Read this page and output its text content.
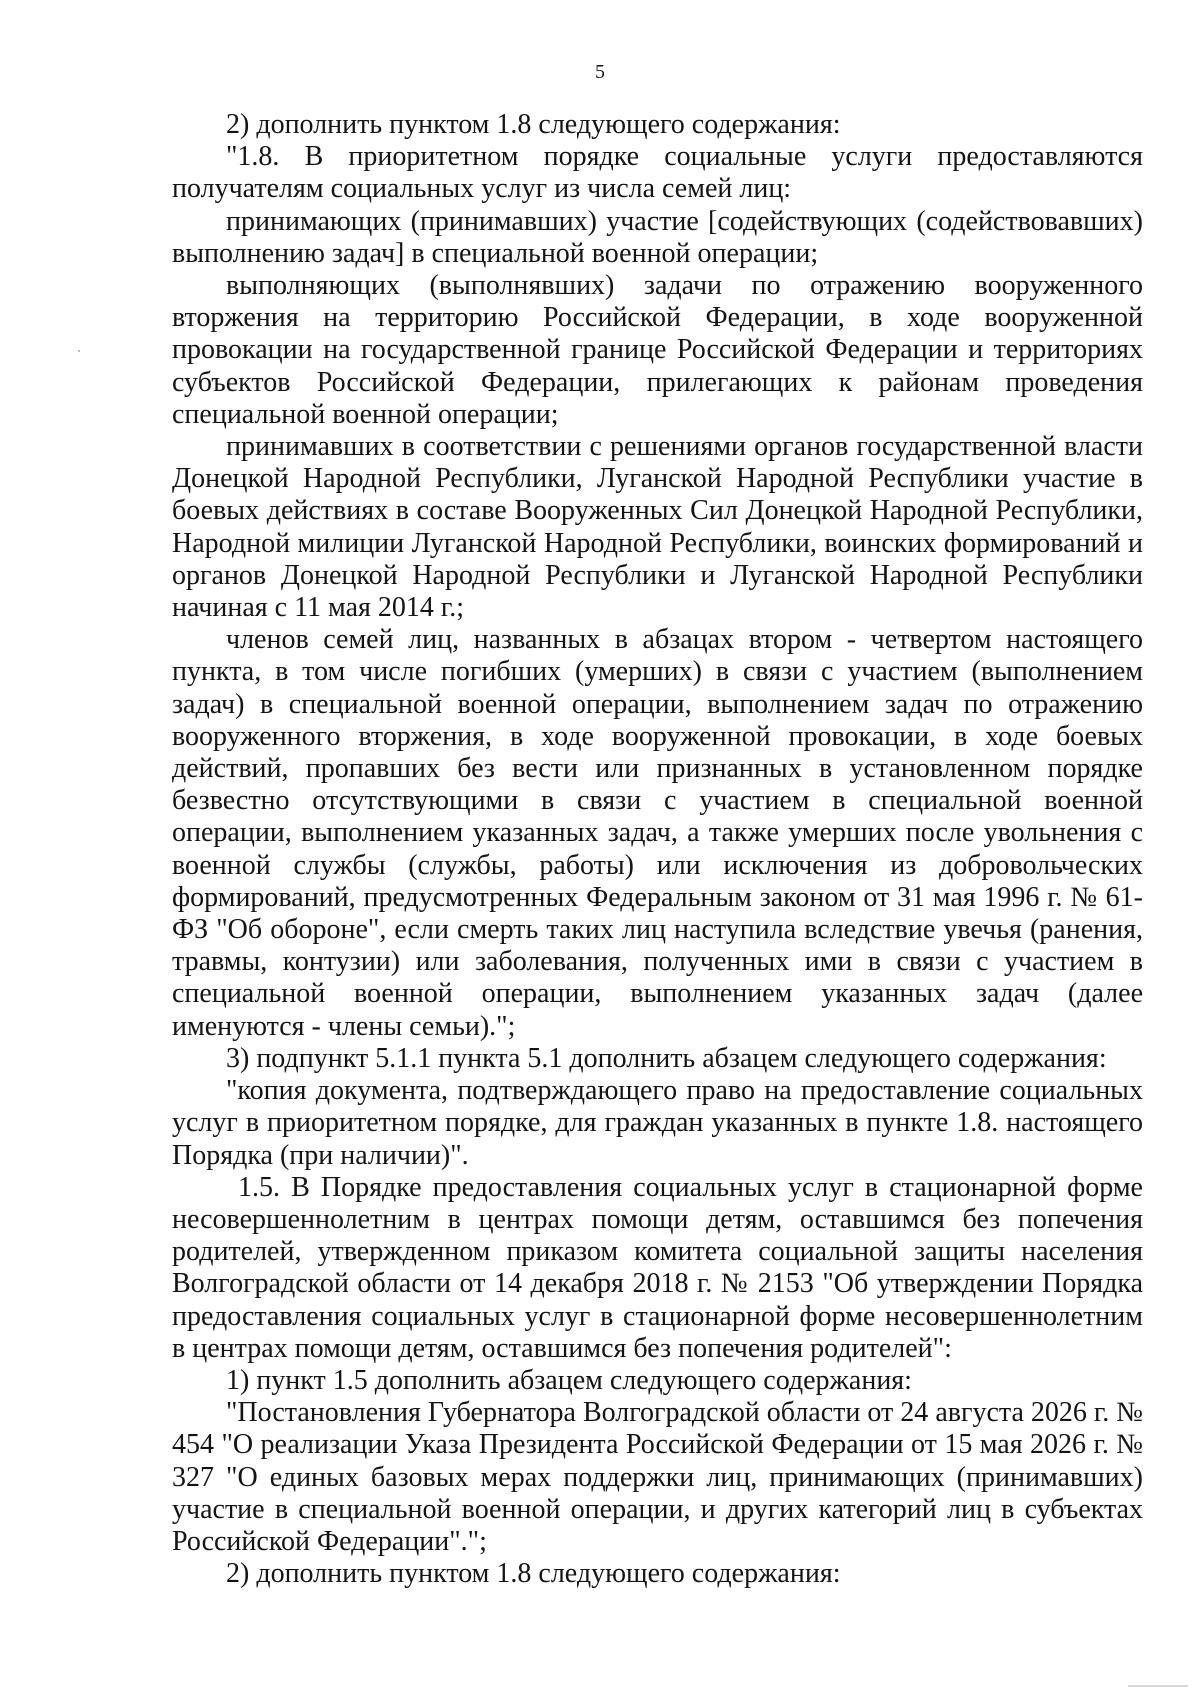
5

2) дополнить пунктом 1.8 следующего содержания:

"1.8. В приоритетном порядке социальные услуги предоставляются получателям социальных услуг из числа семей лиц:

принимающих (принимавших) участие [содействующих (содействовавших) выполнению задач] в специальной военной операции;

выполняющих (выполнявших) задачи по отражению вооруженного вторжения на территорию Российской Федерации, в ходе вооруженной провокации на государственной границе Российской Федерации и территориях субъектов Российской Федерации, прилегающих к районам проведения специальной военной операции;

принимавших в соответствии с решениями органов государственной власти Донецкой Народной Республики, Луганской Народной Республики участие в боевых действиях в составе Вооруженных Сил Донецкой Народной Республики, Народной милиции Луганской Народной Республики, воинских формирований и органов Донецкой Народной Республики и Луганской Народной Республики начиная с 11 мая 2014 г.;

членов семей лиц, названных в абзацах втором - четвертом настоящего пункта, в том числе погибших (умерших) в связи с участием (выполнением задач) в специальной военной операции, выполнением задач по отражению вооруженного вторжения, в ходе вооруженной провокации, в ходе боевых действий, пропавших без вести или признанных в установленном порядке безвестно отсутствующими в связи с участием в специальной военной операции, выполнением указанных задач, а также умерших после увольнения с военной службы (службы, работы) или исключения из добровольческих формирований, предусмотренных Федеральным законом от 31 мая 1996 г. № 61-ФЗ "Об обороне", если смерть таких лиц наступила вследствие увечья (ранения, травмы, контузии) или заболевания, полученных ими в связи с участием в специальной военной операции, выполнением указанных задач (далее именуются - члены семьи).";

3) подпункт 5.1.1 пункта 5.1 дополнить абзацем следующего содержания:

"копия документа, подтверждающего право на предоставление социальных услуг в приоритетном порядке, для граждан указанных в пункте 1.8. настоящего Порядка (при наличии)".

1.5. В Порядке предоставления социальных услуг в стационарной форме несовершеннолетним в центрах помощи детям, оставшимся без попечения родителей, утвержденном приказом комитета социальной защиты населения Волгоградской области от 14 декабря 2018 г. № 2153 "Об утверждении Порядка предоставления социальных услуг в стационарной форме несовершеннолетним в центрах помощи детям, оставшимся без попечения родителей":

1) пункт 1.5 дополнить абзацем следующего содержания:

"Постановления Губернатора Волгоградской области от 24 августа 2026 г. № 454 "О реализации Указа Президента Российской Федерации от 15 мая 2026 г. № 327 "О единых базовых мерах поддержки лиц, принимающих (принимавших) участие в специальной военной операции, и других категорий лиц в субъектах Российской Федерации".";

2) дополнить пунктом 1.8 следующего содержания:
